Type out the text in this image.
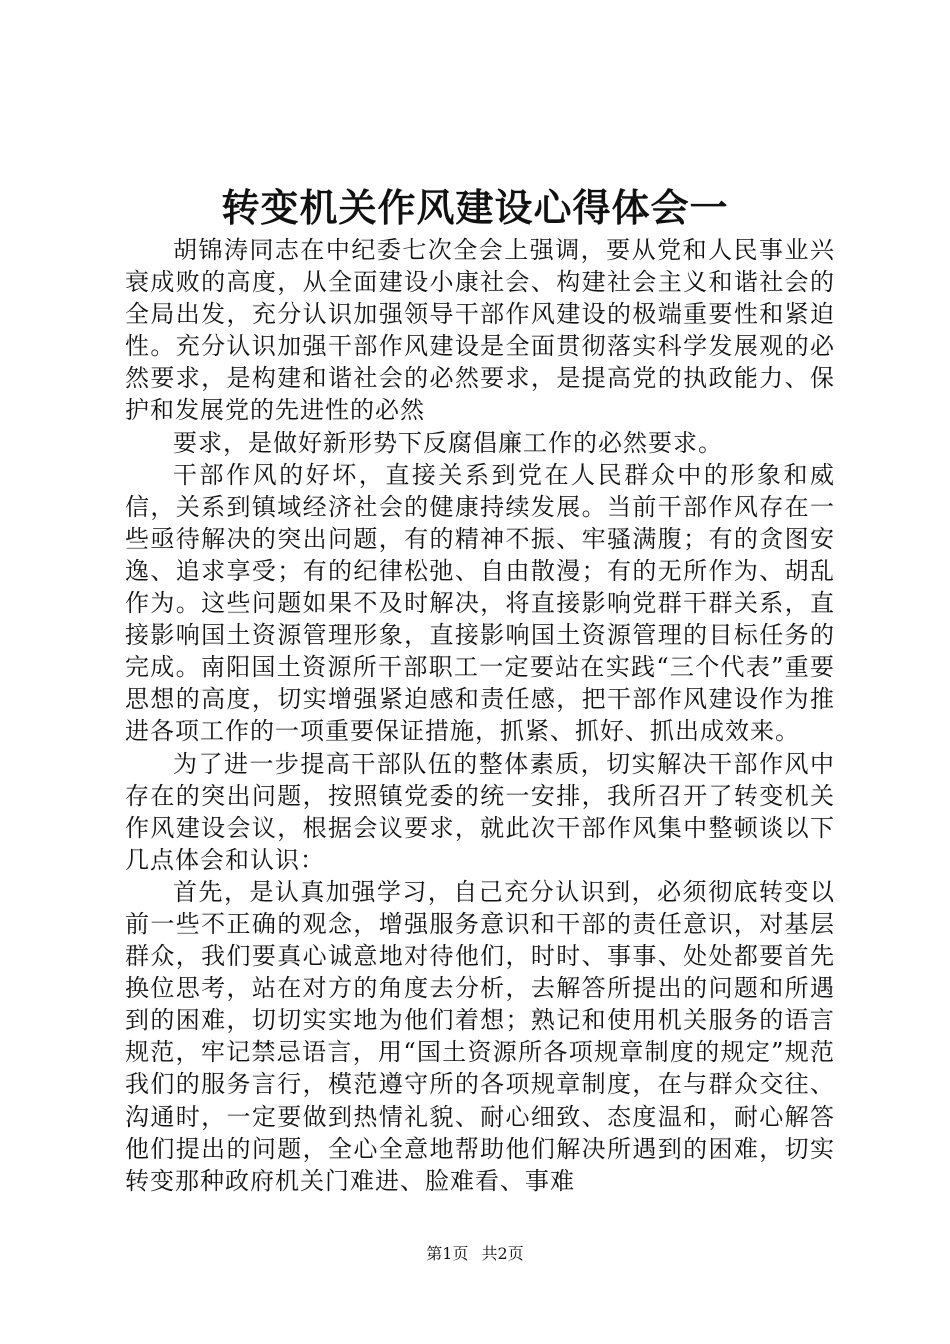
转变机关作风建设心得体会一

胡锦涛同志在中纪委七次全会上强调，要从党和人民事业兴衰成败的高度，从全面建设小康社会、构建社会主义和谐社会的全局出发，充分认识加强领导干部作风建设的极端重要性和紧迫性。充分认识加强干部作风建设是全面贯彻落实科学发展观的必然要求，是构建和谐社会的必然要求，是提高党的执政能力、保护和发展党的先进性的必然

要求，是做好新形势下反腐倡廉工作的必然要求。

干部作风的好坏，直接关系到党在人民群众中的形象和威信，关系到镇域经济社会的健康持续发展。当前干部作风存在一些亟待解决的突出问题，有的精神不振、牢骚满腹；有的贪图安逸、追求享受；有的纪律松弛、自由散漫；有的无所作为、胡乱作为。这些问题如果不及时解决，将直接影响党群干群关系，直接影响国土资源管理形象，直接影响国土资源管理的目标任务的完成。南阳国土资源所干部职工一定要站在实践“三个代表”重要思想的高度，切实增强紧迫感和责任感，把干部作风建设作为推进各项工作的一项重要保证措施，抓紧、抓好、抓出成效来。

为了进一步提高干部队伍的整体素质，切实解决干部作风中存在的突出问题，按照镇党委的统一安排，我所召开了转变机关作风建设会议，根据会议要求，就此次干部作风集中整顿谈以下几点体会和认识：

首先，是认真加强学习，自己充分认识到，必须彻底转变以前一些不正确的观念，增强服务意识和干部的责任意识，对基层群众，我们要真心诚意地对待他们，时时、事事、处处都要首先换位思考，站在对方的角度去分析，去解答所提出的问题和所遇到的困难，切切实实地为他们着想；熟记和使用机关服务的语言规范，牢记禁忌语言，用“国土资源所各项规章制度的规定”规范我们的服务言行，模范遵守所的各项规章制度，在与群众交往、沟通时，一定要做到热情礼貌、耐心细致、态度温和，耐心解答他们提出的问题，全心全意地帮助他们解决所遇到的困难，切实转变那种政府机关门难进、脸难看、事难

第1页 共2页
